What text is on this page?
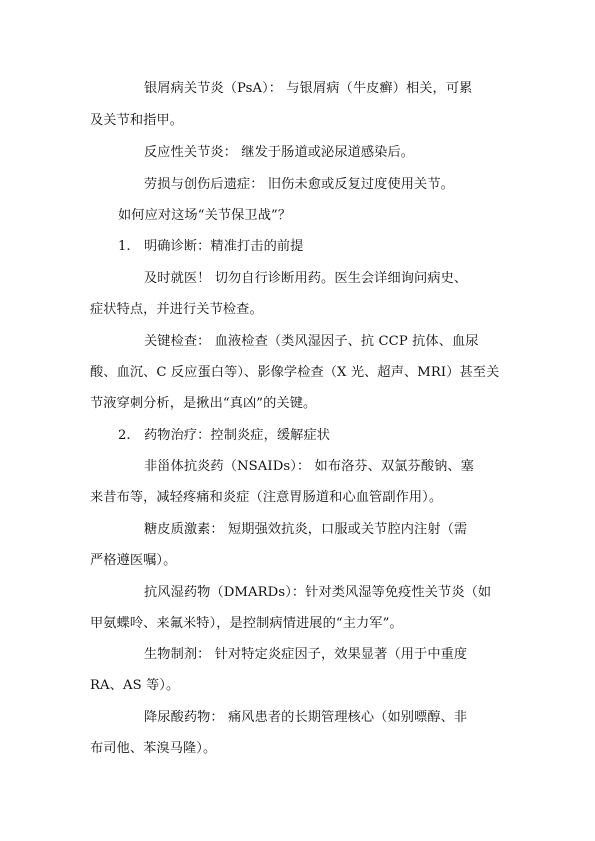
银屑病关节炎（PsA）： 与银屑病（牛皮癣）相关，可累
及关节和指甲。
反应性关节炎： 继发于肠道或泌尿道感染后。
劳损与创伤后遗症： 旧伤未愈或反复过度使用关节。
如何应对这场“关节保卫战”？
1. 明确诊断：精准打击的前提
及时就医！ 切勿自行诊断用药。医生会详细询问病史、
症状特点，并进行关节检查。
关键检查： 血液检查（类风湿因子、抗 CCP 抗体、血尿
酸、血沉、C 反应蛋白等）、影像学检查（X 光、超声、MRI）甚至关
节液穿刺分析，是揪出“真凶”的关键。
2. 药物治疗：控制炎症，缓解症状
非甾体抗炎药（NSAIDs）： 如布洛芬、双氯芬酸钠、塞
来昔布等，减轻疼痛和炎症（注意胃肠道和心血管副作用）。
糖皮质激素： 短期强效抗炎，口服或关节腔内注射（需
严格遵医嘱）。
抗风湿药物（DMARDs）：针对类风湿等免疫性关节炎（如
甲氨蝶呤、来氟米特），是控制病情进展的“主力军”。
生物制剂： 针对特定炎症因子，效果显著（用于中重度
RA、AS 等）。
降尿酸药物： 痛风患者的长期管理核心（如别嘌醇、非
布司他、苯溴马隆）。
